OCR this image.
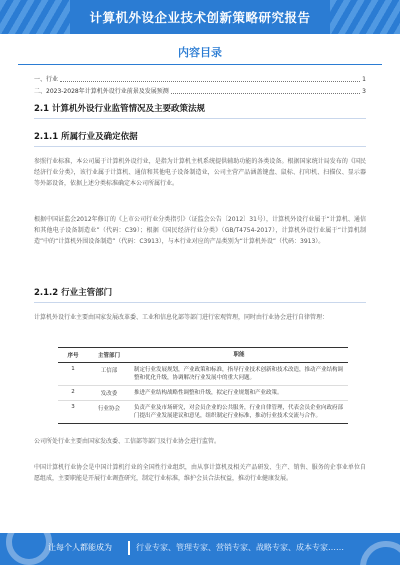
计算机外设企业技术创新策略研究报告
内容目录
一、行业	1
二、2023-2028年计算机外设行业前景及发展预测	3
2.1 计算机外设行业监管情况及主要政策法规
2.1.1 所属行业及确定依据
参照行业标准，本公司属于计算机外设行业，是指为计算机主机系统提供辅助功能的各类设备。根据国家统计局发布的《国民经济行业分类》，该行业属于计算机、通信和其他电子设备制造业，公司主营产品涵盖键盘、鼠标、打印机、扫描仪、显示器等外部设备，依据上述分类标准确定本公司所属行业。
根据中国证监会2012年修订的《上市公司行业分类指引》（证监会公告〔2012〕31号），计算机外设行业属于“计算机、通信和其他电子设备制造业”（代码：C39）；根据《国民经济行业分类》（GB/T4754-2017），计算机外设行业属于“计算机制造”中的“计算机外围设备制造”（代码：C3913），与本行业对应的产品类别为“计算机外设”（代码：3913）。
2.1.2 行业主管部门
计算机外设行业主要由国家发展改革委、工业和信息化部等部门进行宏观管理，同时由行业协会进行自律管理：
序号	主管部门	职能
1	工信部	制定行业发展规划，产业政策和标准，指导行业技术创新和技术改造，推动产业结构调整和优化升级，协调解决行业发展中的重大问题。
2	发改委	推进产业结构战略性调整和升级，拟定行业规划和产业政策。
3	行业协会	负责产业及市场研究，对会员企业的公共服务，行业自律管理，代表会员企业向政府部门提出产业发展建议和意见，组织制定行业标准，推动行业技术交流与合作。
公司所处行业主要由国家发改委、工信部等部门及行业协会进行监管。
中国计算机行业协会是中国计算机行业的全国性行业组织，由从事计算机及相关产品研发、生产、销售、服务的企事业单位自愿组成，主要职能是开展行业调查研究，制定行业标准，维护会员合法权益，推动行业健康发展。
让每个人都能成为	行业专家、管理专家、营销专家、战略专家、成本专家……
